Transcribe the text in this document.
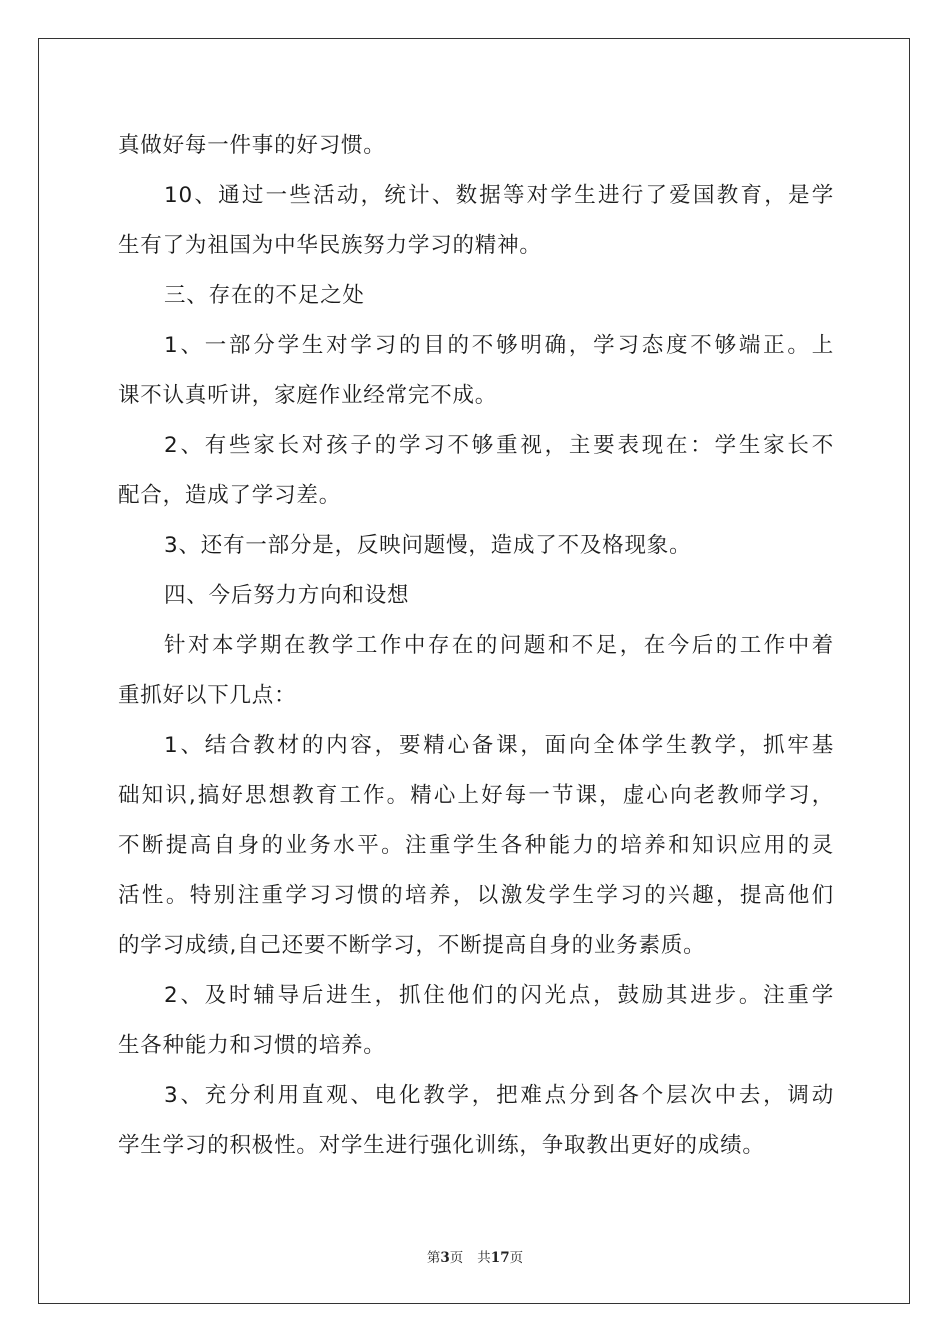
真做好每一件事的好习惯。
10、通过一些活动，统计、数据等对学生进行了爱国教育，是学
生有了为祖国为中华民族努力学习的精神。
三、存在的不足之处
1、一部分学生对学习的目的不够明确，学习态度不够端正。上
课不认真听讲，家庭作业经常完不成。
2、有些家长对孩子的学习不够重视，主要表现在：学生家长不
配合，造成了学习差。
3、还有一部分是，反映问题慢，造成了不及格现象。
四、今后努力方向和设想
针对本学期在教学工作中存在的问题和不足，在今后的工作中着
重抓好以下几点：
1、结合教材的内容，要精心备课，面向全体学生教学，抓牢基
础知识,搞好思想教育工作。精心上好每一节课，虚心向老教师学习，
不断提高自身的业务水平。注重学生各种能力的培养和知识应用的灵
活性。特别注重学习习惯的培养，以激发学生学习的兴趣，提高他们
的学习成绩,自己还要不断学习，不断提高自身的业务素质。
2、及时辅导后进生，抓住他们的闪光点，鼓励其进步。注重学
生各种能力和习惯的培养。
3、充分利用直观、电化教学，把难点分到各个层次中去，调动
学生学习的积极性。对学生进行强化训练，争取教出更好的成绩。
第3页 共17页
